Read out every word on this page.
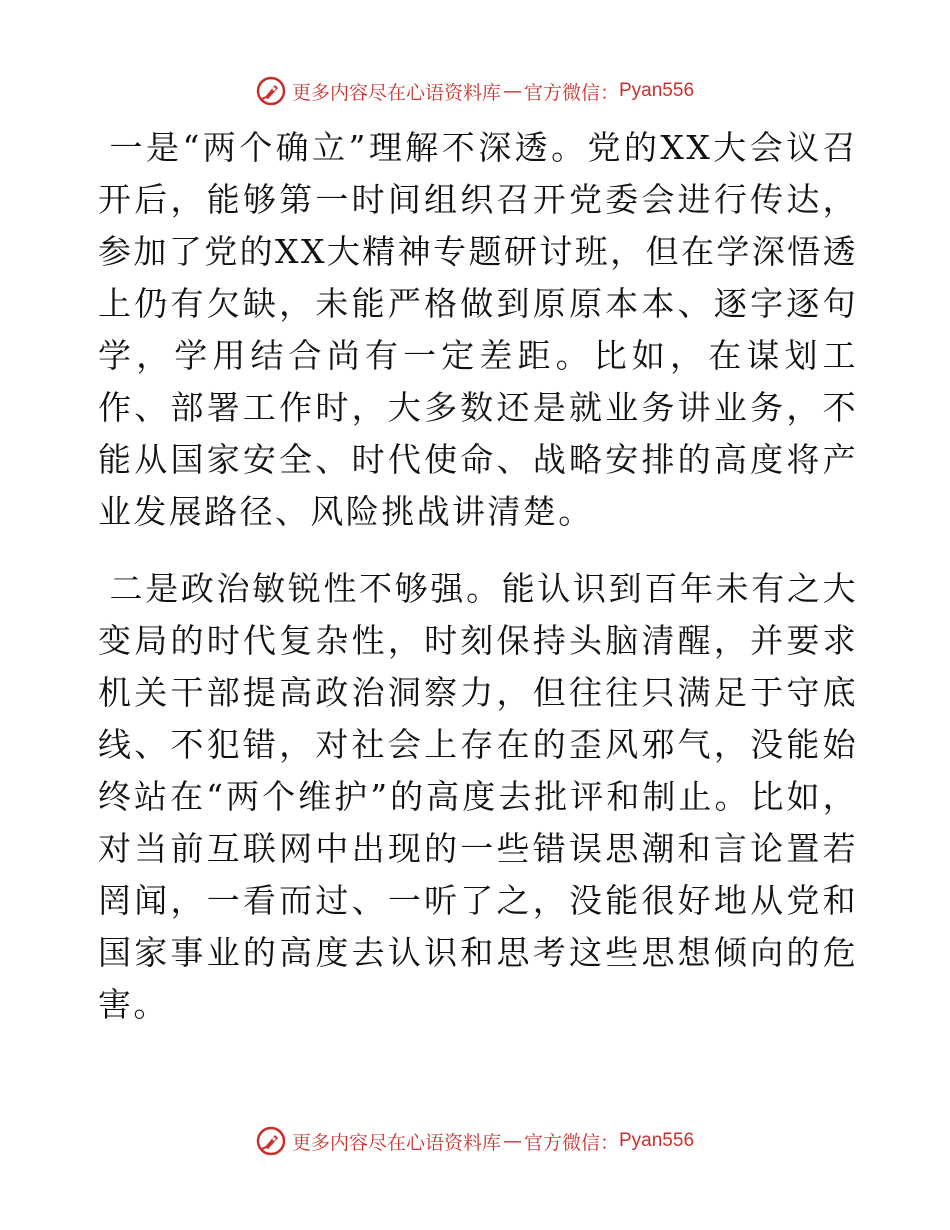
更多内容尽在心语资料库 — 官方微信： Pyan556

一是“两个确立”理解不深透。党的XX大会议召开后，能够第一时间组织召开党委会进行传达，参加了党的XX大精神专题研讨班，但在学深悟透上仍有欠缺，未能严格做到原原本本、逐字逐句学，学用结合尚有一定差距。比如，在谋划工作、部署工作时，大多数还是就业务讲业务，不能从国家安全、时代使命、战略安排的高度将产业发展路径、风险挑战讲清楚。

二是政治敏锐性不够强。能认识到百年未有之大变局的时代复杂性，时刻保持头脑清醒，并要求机关干部提高政治洞察力，但往往只满足于守底线、不犯错，对社会上存在的歪风邪气，没能始终站在“两个维护”的高度去批评和制止。比如，对当前互联网中出现的一些错误思潮和言论置若罔闻，一看而过、一听了之，没能很好地从党和国家事业的高度去认识和思考这些思想倾向的危害。

更多内容尽在心语资料库 — 官方微信： Pyan556
